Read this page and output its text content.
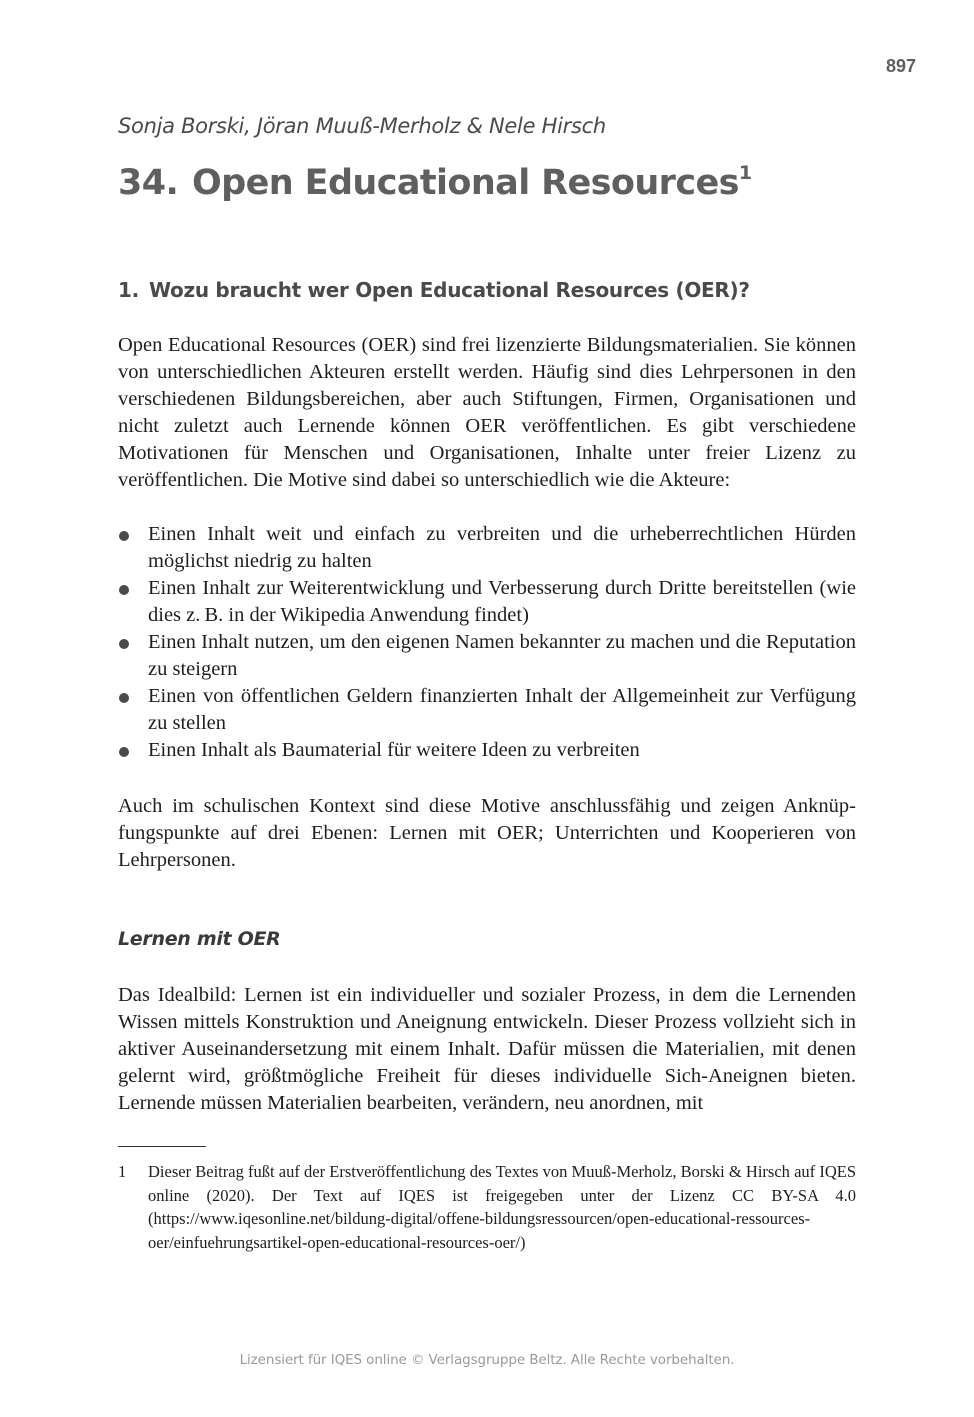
897
Sonja Borski, Jöran Muuß-Merholz & Nele Hirsch
34. Open Educational Resources$^1$
1. Wozu braucht wer Open Educational Resources (OER)?

Open Educational Resources (OER) sind frei lizenzierte Bildungsmaterialien. Sie können von unterschiedlichen Akteuren erstellt werden. Häufig sind dies Lehrpersonen in den verschiedenen Bildungsbereichen, aber auch Stiftungen, Firmen, Organisationen und nicht zuletzt auch Lernende können OER veröffentlichen. Es gibt verschiedene Motivationen für Menschen und Organisationen, Inhalte unter freier Lizenz zu veröffentlichen. Die Motive sind dabei so unterschiedlich wie die Akteure:

Einen Inhalt weit und einfach zu verbreiten und die urheberrechtlichen Hürden möglichst niedrig zu halten
Einen Inhalt zur Weiterentwicklung und Verbesserung durch Dritte bereitstellen (wie dies z. B. in der Wikipedia Anwendung findet)
Einen Inhalt nutzen, um den eigenen Namen bekannter zu machen und die Reputation zu steigern
Einen von öffentlichen Geldern finanzierten Inhalt der Allgemeinheit zur Verfügung zu stellen
Einen Inhalt als Baumaterial für weitere Ideen zu verbreiten

Auch im schulischen Kontext sind diese Motive anschlussfähig und zeigen Anknüpfungspunkte auf drei Ebenen: Lernen mit OER; Unterrichten und Kooperieren von Lehrpersonen.

Lernen mit OER

Das Idealbild: Lernen ist ein individueller und sozialer Prozess, in dem die Lernenden Wissen mittels Konstruktion und Aneignung entwickeln. Dieser Prozess vollzieht sich in aktiver Auseinandersetzung mit einem Inhalt. Dafür müssen die Materialien, mit denen gelernt wird, größtmögliche Freiheit für dieses individuelle Sich-Aneignen bieten. Lernende müssen Materialien bearbeiten, verändern, neu anordnen, mit

1 Dieser Beitrag fußt auf der Erstveröffentlichung des Textes von Muuß-Merholz, Borski & Hirsch auf IQES online (2020). Der Text auf IQES ist freigegeben unter der Lizenz CC BY-SA 4.0 (https://www.iqesonline.net/bildung-digital/offene-bildungsressourcen/open-educational-​ressources-oer/einfuehrungsartikel-open-educational-resources-oer/)
Lizensiert für IQES online © Verlagsgruppe Beltz. Alle Rechte vorbehalten.
